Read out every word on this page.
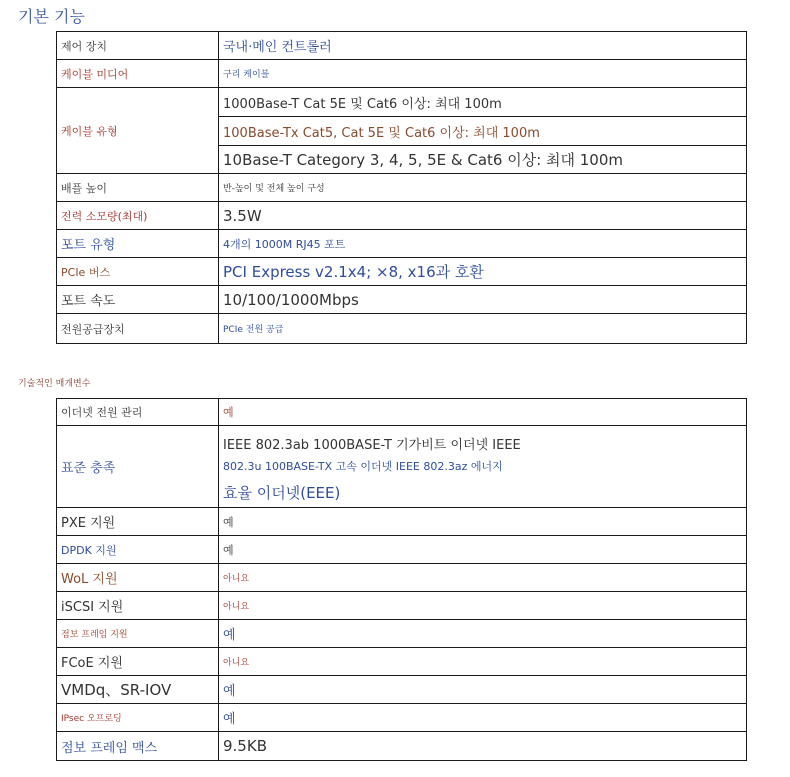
기본 기능
제어 장치	국내·메인 컨트롤러
케이블 미디어	구리 케이블
케이블 유형	1000Base-T Cat 5E 및 Cat6 이상: 최대 100m
	100Base-Tx Cat5, Cat 5E 및 Cat6 이상: 최대 100m
	10Base-T Category 3, 4, 5, 5E & Cat6 이상: 최대 100m
배플 높이	반-높이 및 전체 높이 구성
전력 소모량(최대)	3.5W
포트 유형	4개의 1000M RJ45 포트
PCIe 버스	PCI Express v2.1x4; ×8, x16과 호환
포트 속도	10/100/1000Mbps
전원공급장치	PCIe 전원 공급
기술적인 매개변수
이더넷 전원 관리	예
표준 충족	IEEE 802.3ab 1000BASE-T 기가비트 이더넷 IEEE
802.3u 100BASE-TX 고속 이더넷 IEEE 802.3az 에너지
효율 이더넷(EEE)

PXE 지원	예
DPDK 지원	예
WoL 지원	아니요
iSCSI 지원	아니요
점보 프레임 지원	예
FCoE 지원	아니요
VMDq、SR-IOV	예
IPsec 오프로딩	예
점보 프레임 맥스	9.5KB
